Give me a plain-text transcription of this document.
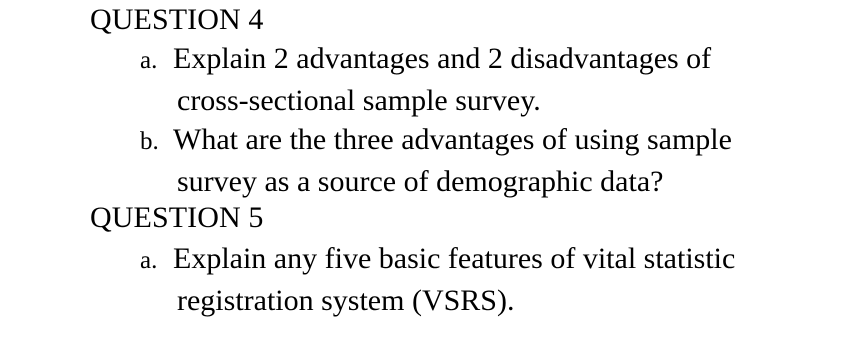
QUESTION 4
a. Explain 2 advantages and 2 disadvantages of
cross-sectional sample survey.
b. What are the three advantages of using sample
survey as a source of demographic data?
QUESTION 5
a. Explain any five basic features of vital statistic
registration system (VSRS).
